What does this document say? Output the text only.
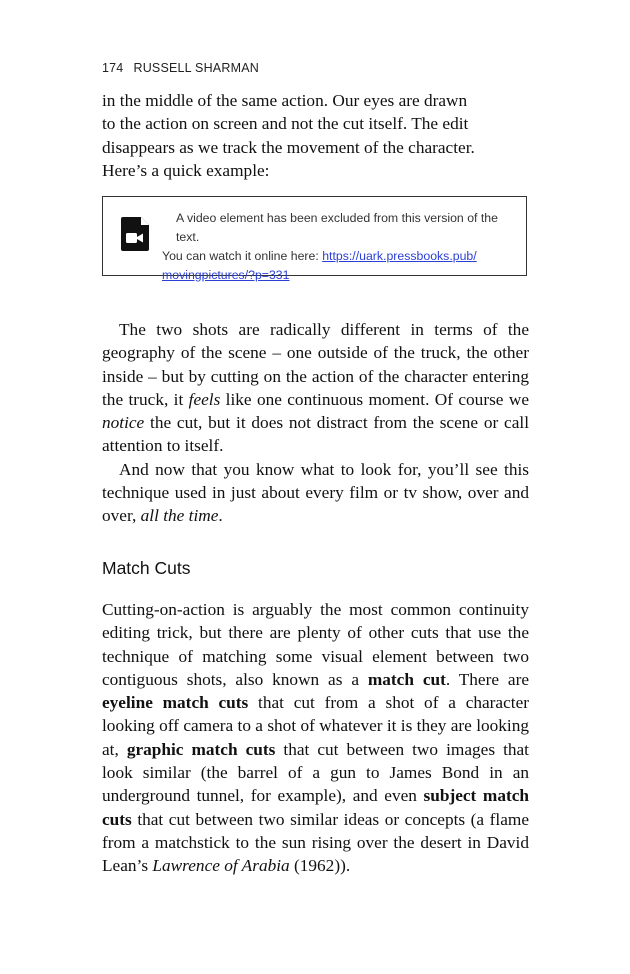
174 RUSSELL SHARMAN

in the middle of the same action. Our eyes are drawn

to the action on screen and not the cut itself. The edit

disappears as we track the movement of the character.

Here’s a quick example:

A video element has been excluded from this version of the text.
You can watch it online here: https://uark.pressbooks.pub/
movingpictures/?p=331

The two shots are radically different in terms of the geography of the scene – one outside of the truck, the other inside – but by cutting on the action of the character entering the truck, it feels like one continuous moment. Of course we notice the cut, but it does not distract from the scene or call attention to itself.

And now that you know what to look for, you’ll see this technique used in just about every film or tv show, over and over, all the time.

Match Cuts

Cutting-on-action is arguably the most common continuity editing trick, but there are plenty of other cuts that use the technique of matching some visual element between two contiguous shots, also known as a match cut. There are eyeline match cuts that cut from a shot of a character looking off camera to a shot of whatever it is they are looking at, graphic match cuts that cut between two images that look similar (the barrel of a gun to James Bond in an underground tunnel, for example), and even subject match cuts that cut between two similar ideas or concepts (a flame from a matchstick to the sun rising over the desert in David Lean’s Lawrence of Arabia (1962)).
